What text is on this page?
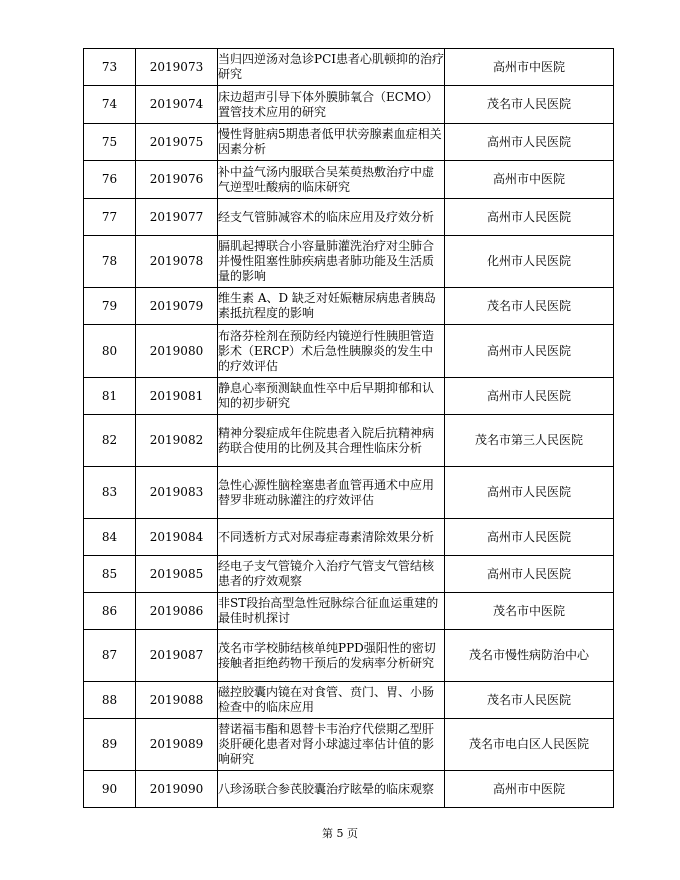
73	2019073	当归四逆汤对急诊PCI患者心肌顿抑的治疗研究	高州市中医院
74	2019074	床边超声引导下体外膜肺氧合（ECMO）置管技术应用的研究	茂名市人民医院
75	2019075	慢性肾脏病5期患者低甲状旁腺素血症相关因素分析	高州市人民医院
76	2019076	补中益气汤内服联合吴茱萸热敷治疗中虚气逆型吐酸病的临床研究	高州市中医院
77	2019077	经支气管肺减容术的临床应用及疗效分析	高州市人民医院
78	2019078	膈肌起搏联合小容量肺灌洗治疗对尘肺合并慢性阻塞性肺疾病患者肺功能及生活质量的影响	化州市人民医院
79	2019079	维生素 A、D 缺乏对妊娠糖尿病患者胰岛素抵抗程度的影响	茂名市人民医院
80	2019080	布洛芬栓剂在预防经内镜逆行性胰胆管造影术（ERCP）术后急性胰腺炎的发生中的疗效评估	高州市人民医院
81	2019081	静息心率预测缺血性卒中后早期抑郁和认知的初步研究	高州市人民医院
82	2019082	精神分裂症成年住院患者入院后抗精神病药联合使用的比例及其合理性临床分析	茂名市第三人民医院
83	2019083	急性心源性脑栓塞患者血管再通术中应用替罗非班动脉灌注的疗效评估	高州市人民医院
84	2019084	不同透析方式对尿毒症毒素清除效果分析	高州市人民医院
85	2019085	经电子支气管镜介入治疗气管支气管结核患者的疗效观察	高州市人民医院
86	2019086	非ST段抬高型急性冠脉综合征血运重建的最佳时机探讨	茂名市中医院
87	2019087	茂名市学校肺结核单纯PPD强阳性的密切接触者拒绝药物干预后的发病率分析研究	茂名市慢性病防治中心
88	2019088	磁控胶囊内镜在对食管、贲门、胃、小肠检查中的临床应用	茂名市人民医院
89	2019089	替诺福韦酯和恩替卡韦治疗代偿期乙型肝炎肝硬化患者对肾小球滤过率估计值的影响研究	茂名市电白区人民医院
90	2019090	八珍汤联合参芪胶囊治疗眩晕的临床观察	高州市中医院
第 5 页
